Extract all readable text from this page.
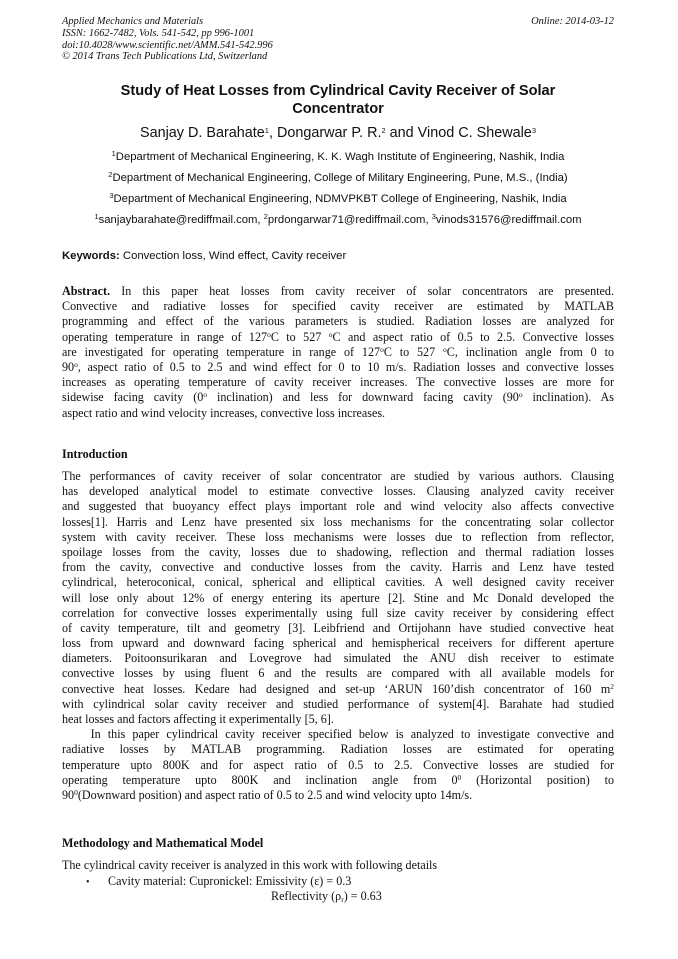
Applied Mechanics and Materials
ISSN: 1662-7482, Vols. 541-542, pp 996-1001
doi:10.4028/www.scientific.net/AMM.541-542.996
© 2014 Trans Tech Publications Ltd, Switzerland
Online: 2014-03-12
Study of Heat Losses from Cylindrical Cavity Receiver of Solar
Concentrator
Sanjay D. Barahate$^1$, Dongarwar P. R.$^2$ and Vinod C. Shewale$^3$
$^1$Department of Mechanical Engineering, K. K. Wagh Institute of Engineering, Nashik, India
$^2$Department of Mechanical Engineering, College of Military Engineering, Pune, M.S., (India)
$^3$Department of Mechanical Engineering, NDMVPKBT College of Engineering, Nashik, India
$^1$sanjaybarahate@rediffmail.com, $^2$prdongarwar71@rediffmail.com, $^3$vinods31576@rediffmail.com
Keywords: Convection loss, Wind effect, Cavity receiver
Abstract. In this paper heat losses from cavity receiver of solar concentrators are presented.
Convective and radiative losses for specified cavity receiver are estimated by MATLAB
programming and effect of the various parameters is studied. Radiation losses are analyzed for
operating temperature in range of 127$^o$C to 527 $^o$C and aspect ratio of 0.5 to 2.5. Convective losses
are investigated for operating temperature in range of 127$^o$C to 527 $^o$C, inclination angle from 0 to
90$^o$, aspect ratio of 0.5 to 2.5 and wind effect for 0 to 10 m/s. Radiation losses and convective losses
increases as operating temperature of cavity receiver increases. The convective losses are more for
sidewise facing cavity (0$^o$ inclination) and less for downward facing cavity (90$^o$ inclination). As
aspect ratio and wind velocity increases, convective loss increases.
Introduction
The performances of cavity receiver of solar concentrator are studied by various authors. Clausing
has developed analytical model to estimate convective losses. Clausing analyzed cavity receiver
and suggested that buoyancy effect plays important role and wind velocity also affects convective
losses[1]. Harris and Lenz have presented six loss mechanisms for the concentrating solar collector
system with cavity receiver. These loss mechanisms were losses due to reflection from reflector,
spoilage losses from the cavity, losses due to shadowing, reflection and thermal radiation losses
from the cavity, convective and conductive losses from the cavity. Harris and Lenz have tested
cylindrical, heteroconical, conical, spherical and elliptical cavities. A well designed cavity receiver
will lose only about 12% of energy entering its aperture [2]. Stine and Mc Donald developed the
correlation for convective losses experimentally using full size cavity receiver by considering effect
of cavity temperature, tilt and geometry [3]. Leibfriend and Ortijohann have studied convective heat
loss from upward and downward facing spherical and hemispherical receivers for different aperture
diameters. Poitoonsurikaran and Lovegrove had simulated the ANU dish receiver to estimate
convective losses by using fluent 6 and the results are compared with all available models for
convective heat losses. Kedare had designed and set-up ‘ARUN 160’dish concentrator of 160 $m^2$
with cylindrical solar cavity receiver and studied performance of system[4]. Barahate had studied
heat losses and factors affecting it experimentally [5, 6].
In this paper cylindrical cavity receiver specified below is analyzed to investigate convective and
radiative losses by MATLAB programming. Radiation losses are estimated for operating
temperature upto 800K and for aspect ratio of 0.5 to 2.5. Convective losses are studied for
operating temperature upto 800K and inclination angle from $0^0$ (Horizontal position) to
$90^0(Downward$ position) and aspect ratio of 0.5 to 2.5 and wind velocity upto 14m/s.
Methodology and Mathematical Model
The cylindrical cavity receiver is analyzed in this work with following details
• Cavity material: Cupronickel: Emissivity (ε) = 0.3
Reflectivity $(\rho_r) = 0.63$
